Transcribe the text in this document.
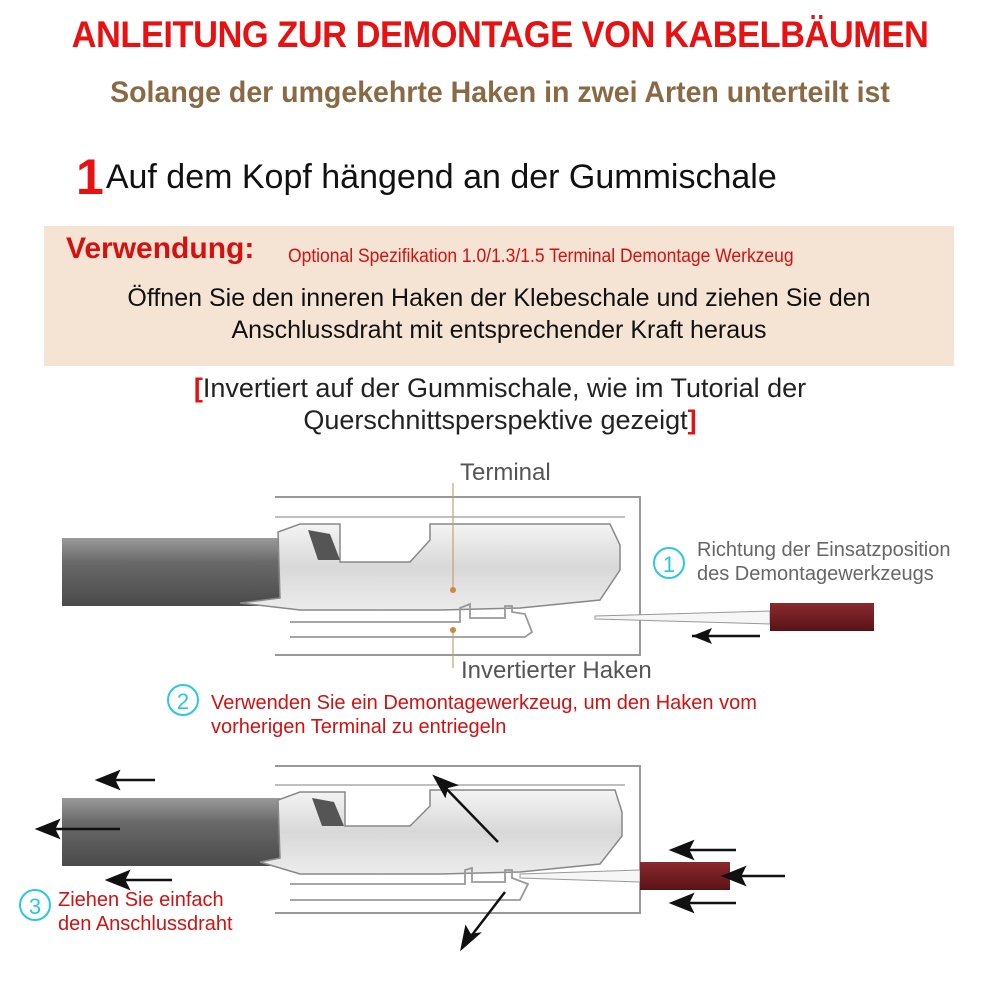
ANLEITUNG ZUR DEMONTAGE VON KABELBÄUMEN
Solange der umgekehrte Haken in zwei Arten unterteilt ist
1Auf dem Kopf hängend an der Gummischale
Verwendung: Optional Spezifikation 1.0/1.3/1.5 Terminal Demontage Werkzeug
Öffnen Sie den inneren Haken der Klebeschale und ziehen Sie den
Anschlussdraht mit entsprechender Kraft heraus
[Invertiert auf der Gummischale, wie im Tutorial der
Querschnittsperspektive gezeigt]
Terminal
Invertierter Haken
1
Richtung der Einsatzposition
des Demontagewerkzeugs
2 Verwenden Sie ein Demontagewerkzeug, um den Haken vom
vorherigen Terminal zu entriegeln
3 Ziehen Sie einfach
den Anschlussdraht
